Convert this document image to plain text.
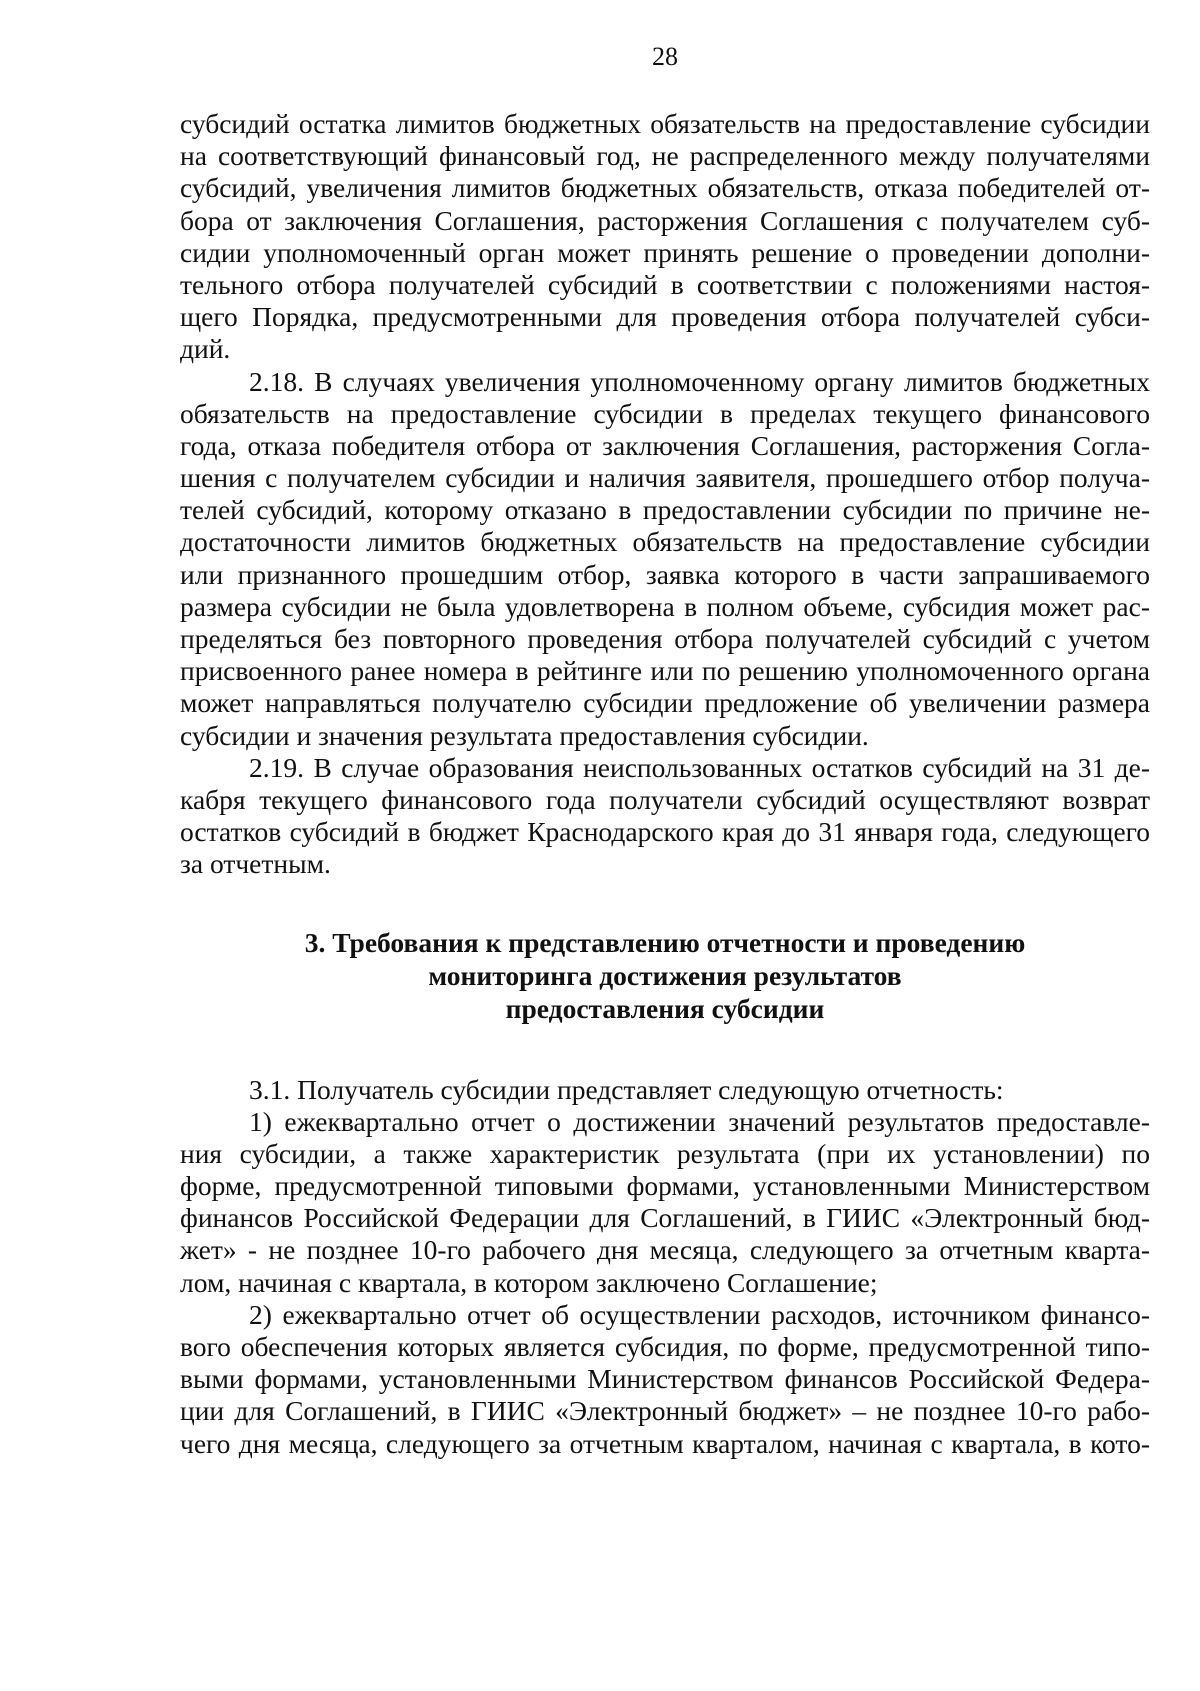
28
субсидий остатка лимитов бюджетных обязательств на предоставление субсидии
на соответствующий финансовый год, не распределенного между получателями
субсидий, увеличения лимитов бюджетных обязательств, отказа победителей от-
бора от заключения Соглашения, расторжения Соглашения с получателем суб-
сидии уполномоченный орган может принять решение о проведении дополни-
тельного отбора получателей субсидий в соответствии с положениями настоя-
щего Порядка, предусмотренными для проведения отбора получателей субси-
дий.
2.18. В случаях увеличения уполномоченному органу лимитов бюджетных
обязательств на предоставление субсидии в пределах текущего финансового
года, отказа победителя отбора от заключения Соглашения, расторжения Согла-
шения с получателем субсидии и наличия заявителя, прошедшего отбор получа-
телей субсидий, которому отказано в предоставлении субсидии по причине не-
достаточности лимитов бюджетных обязательств на предоставление субсидии
или признанного прошедшим отбор, заявка которого в части запрашиваемого
размера субсидии не была удовлетворена в полном объеме, субсидия может рас-
пределяться без повторного проведения отбора получателей субсидий с учетом
присвоенного ранее номера в рейтинге или по решению уполномоченного органа
может направляться получателю субсидии предложение об увеличении размера
субсидии и значения результата предоставления субсидии.
2.19. В случае образования неиспользованных остатков субсидий на 31 де-
кабря текущего финансового года получатели субсидий осуществляют возврат
остатков субсидий в бюджет Краснодарского края до 31 января года, следующего
за отчетным.
3. Требования к представлению отчетности и проведению
мониторинга достижения результатов
предоставления субсидии
3.1. Получатель субсидии представляет следующую отчетность:
1) ежеквартально отчет о достижении значений результатов предоставле-
ния субсидии, а также характеристик результата (при их установлении) по
форме, предусмотренной типовыми формами, установленными Министерством
финансов Российской Федерации для Соглашений, в ГИИС «Электронный бюд-
жет» - не позднее 10-го рабочего дня месяца, следующего за отчетным кварта-
лом, начиная с квартала, в котором заключено Соглашение;
2) ежеквартально отчет об осуществлении расходов, источником финансо-
вого обеспечения которых является субсидия, по форме, предусмотренной типо-
выми формами, установленными Министерством финансов Российской Федера-
ции для Соглашений, в ГИИС «Электронный бюджет» – не позднее 10-го рабо-
чего дня месяца, следующего за отчетным кварталом, начиная с квартала, в кото-
